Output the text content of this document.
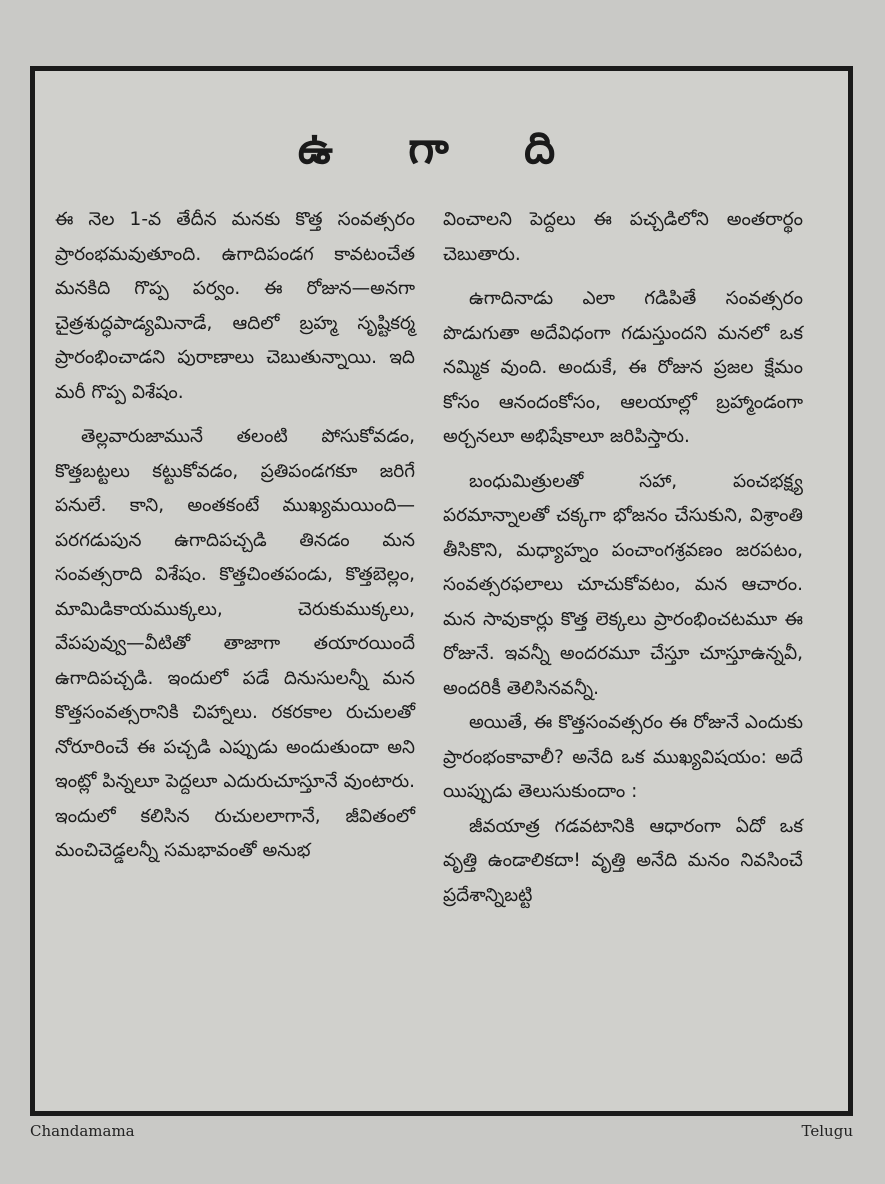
ఉ గా ది

ఈ నెల 1-వ తేదీన మనకు కొత్త సంవత్సరం ప్రారంభమవుతూంది. ఉగాదిపండగ కావటంచేత మనకిది గొప్ప పర్వం. ఈ రోజున—అనగా చైత్రశుద్ధపాడ్యమినాడే, ఆదిలో బ్రహ్మ సృష్టికర్మ ప్రారంభించాడని పురాణాలు చెబుతున్నాయి. ఇది మరీ గొప్ప విశేషం.

తెల్లవారుజామునే తలంటి పోసుకోవడం, కొత్తబట్టలు కట్టుకోవడం, ప్రతిపండగకూ జరిగే పనులే. కాని, అంతకంటే ముఖ్యమయింది—పరగడుపున ఉగాదిపచ్చడి తినడం మన సంవత్సరాది విశేషం. కొత్తచింతపండు, కొత్తబెల్లం, మామిడికాయముక్కలు, చెరుకుముక్కలు, వేపపువ్వు—వీటితో తాజాగా తయారయిందే ఉగాదిపచ్చడి. ఇందులో పడే దినుసులన్నీ మన కొత్తసంవత్సరానికి చిహ్నాలు. రకరకాల రుచులతో నోరూరించే ఈ పచ్చడి ఎప్పుడు అందుతుందా అని ఇంట్లో పిన్నలూ పెద్దలూ ఎదురుచూస్తూనే వుంటారు. ఇందులో కలిసిన రుచులలాగానే, జీవితంలో మంచిచెడ్డలన్నీ సమభావంతో అనుభ

వించాలని పెద్దలు ఈ పచ్చడిలోని అంతరార్థం చెబుతారు.

ఉగాదినాడు ఎలా గడిపితే సంవత్సరం పొడుగుతా అదేవిధంగా గడుస్తుందని మనలో ఒక నమ్మిక వుంది. అందుకే, ఈ రోజున ప్రజల క్షేమం కోసం ఆనందంకోసం, ఆలయాల్లో బ్రహ్మాండంగా అర్చనలూ అభిషేకాలూ జరిపిస్తారు.

బంధుమిత్రులతో సహా, పంచభక్ష్య పరమాన్నాలతో చక్కగా భోజనం చేసుకుని, విశ్రాంతి తీసికొని, మధ్యాహ్నం పంచాంగశ్రవణం జరపటం, సంవత్సరఫలాలు చూచుకోవటం, మన ఆచారం. మన సావుకార్లు కొత్త లెక్కలు ప్రారంభించటమూ ఈ రోజునే. ఇవన్నీ అందరమూ చేస్తూ చూస్తూఉన్నవీ, అందరికీ తెలిసినవన్నీ.

అయితే, ఈ కొత్తసంవత్సరం ఈ రోజునే ఎందుకు ప్రారంభంకావాలీ? అనేది ఒక ముఖ్యవిషయం: అదే యిప్పుడు తెలుసుకుందాం :

జీవయాత్ర గడవటానికి ఆధారంగా ఏదో ఒక వృత్తి ఉండాలికదా! వృత్తి అనేది మనం నివసించే ప్రదేశాన్నిబట్టి

Chandamama	Telugu
